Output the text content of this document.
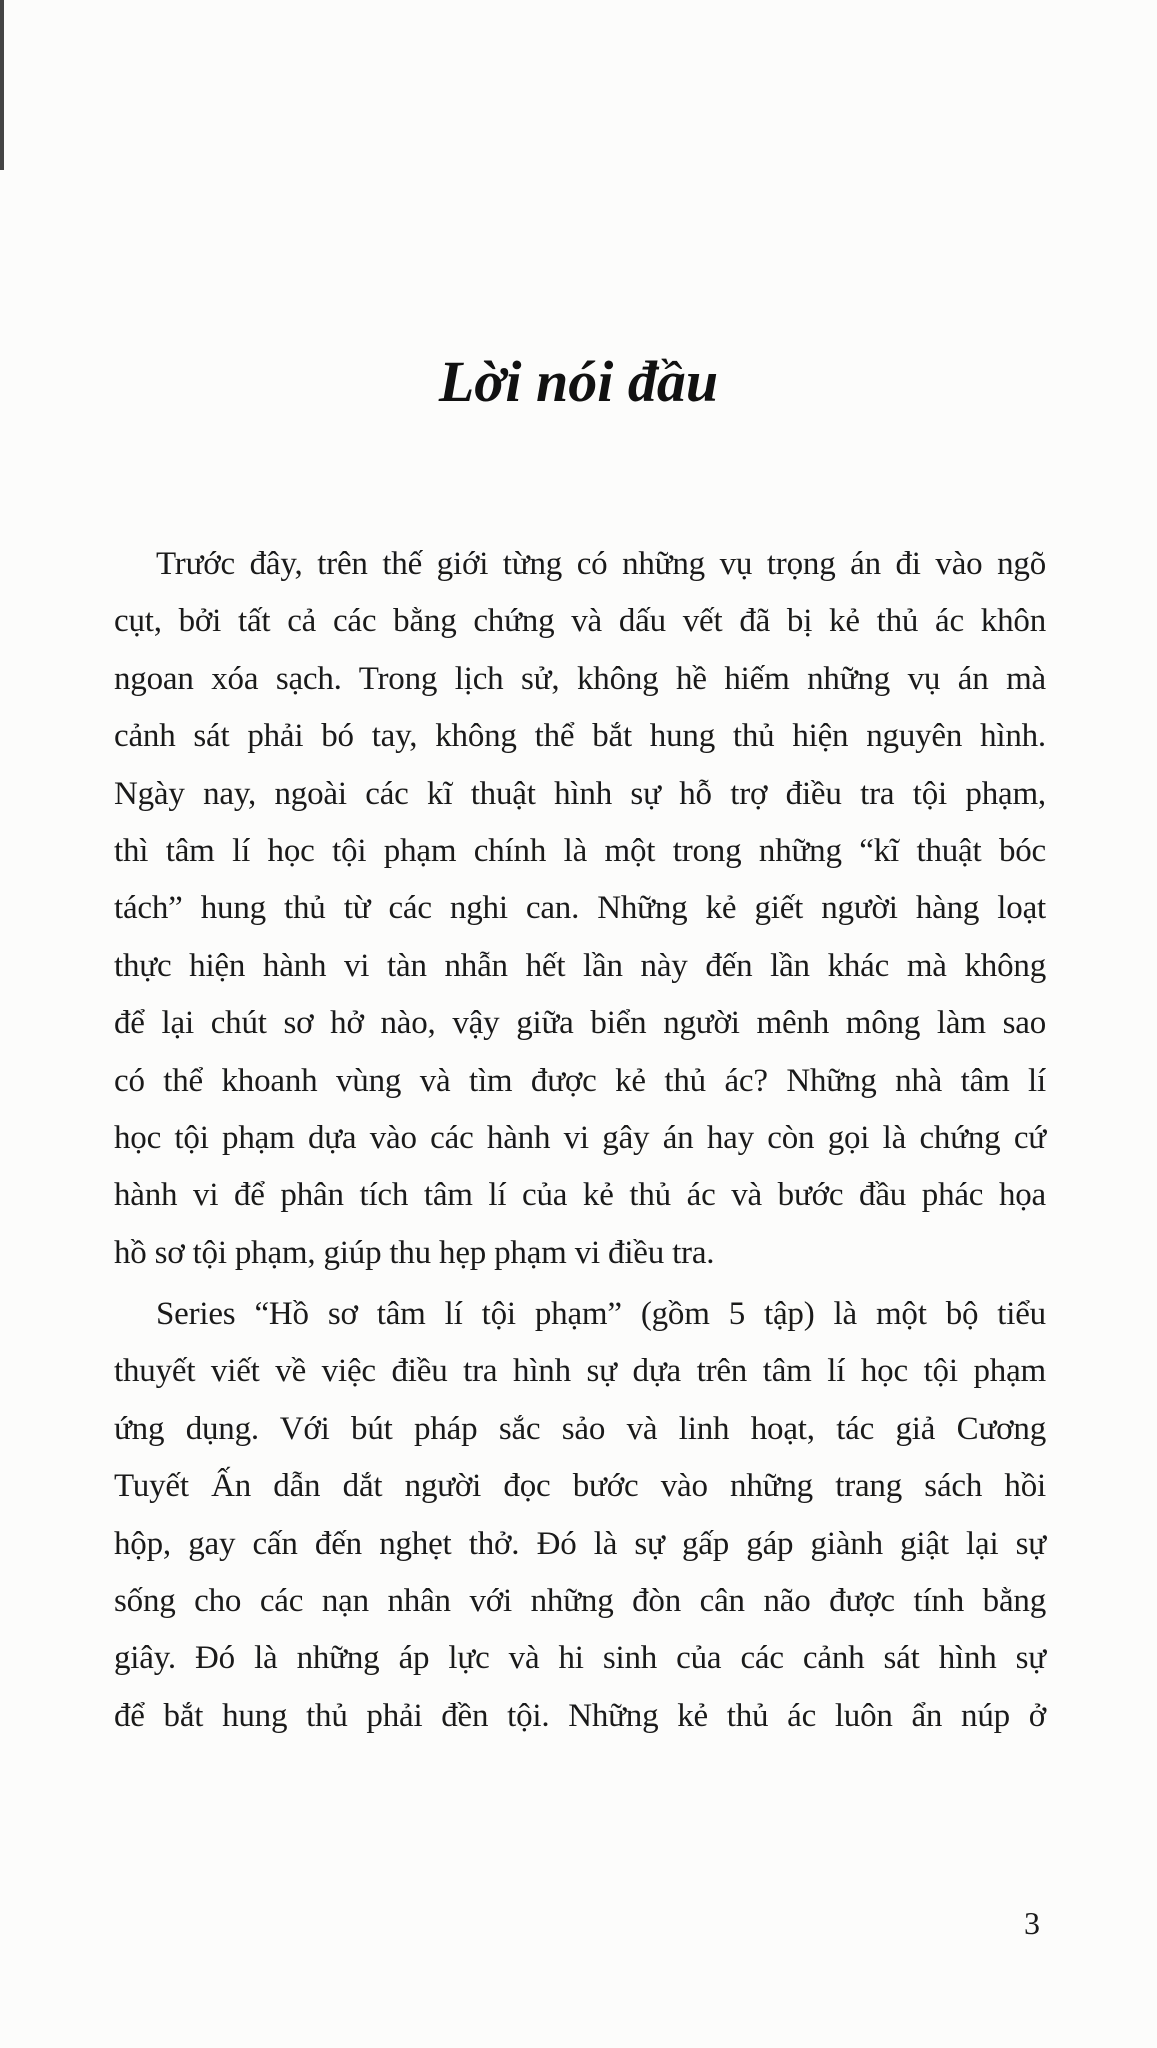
Lời nói đầu
Trước đây, trên thế giới từng có những vụ trọng án đi vào ngõ
cụt, bởi tất cả các bằng chứng và dấu vết đã bị kẻ thủ ác khôn
ngoan xóa sạch. Trong lịch sử, không hề hiếm những vụ án mà
cảnh sát phải bó tay, không thể bắt hung thủ hiện nguyên hình.
Ngày nay, ngoài các kĩ thuật hình sự hỗ trợ điều tra tội phạm,
thì tâm lí học tội phạm chính là một trong những “kĩ thuật bóc
tách” hung thủ từ các nghi can. Những kẻ giết người hàng loạt
thực hiện hành vi tàn nhẫn hết lần này đến lần khác mà không
để lại chút sơ hở nào, vậy giữa biển người mênh mông làm sao
có thể khoanh vùng và tìm được kẻ thủ ác? Những nhà tâm lí
học tội phạm dựa vào các hành vi gây án hay còn gọi là chứng cứ
hành vi để phân tích tâm lí của kẻ thủ ác và bước đầu phác họa
hồ sơ tội phạm, giúp thu hẹp phạm vi điều tra.
Series “Hồ sơ tâm lí tội phạm” (gồm 5 tập) là một bộ tiểu
thuyết viết về việc điều tra hình sự dựa trên tâm lí học tội phạm
ứng dụng. Với bút pháp sắc sảo và linh hoạt, tác giả Cương
Tuyết Ấn dẫn dắt người đọc bước vào những trang sách hồi
hộp, gay cấn đến nghẹt thở. Đó là sự gấp gáp giành giật lại sự
sống cho các nạn nhân với những đòn cân não được tính bằng
giây. Đó là những áp lực và hi sinh của các cảnh sát hình sự
để bắt hung thủ phải đền tội. Những kẻ thủ ác luôn ẩn núp ở
3
